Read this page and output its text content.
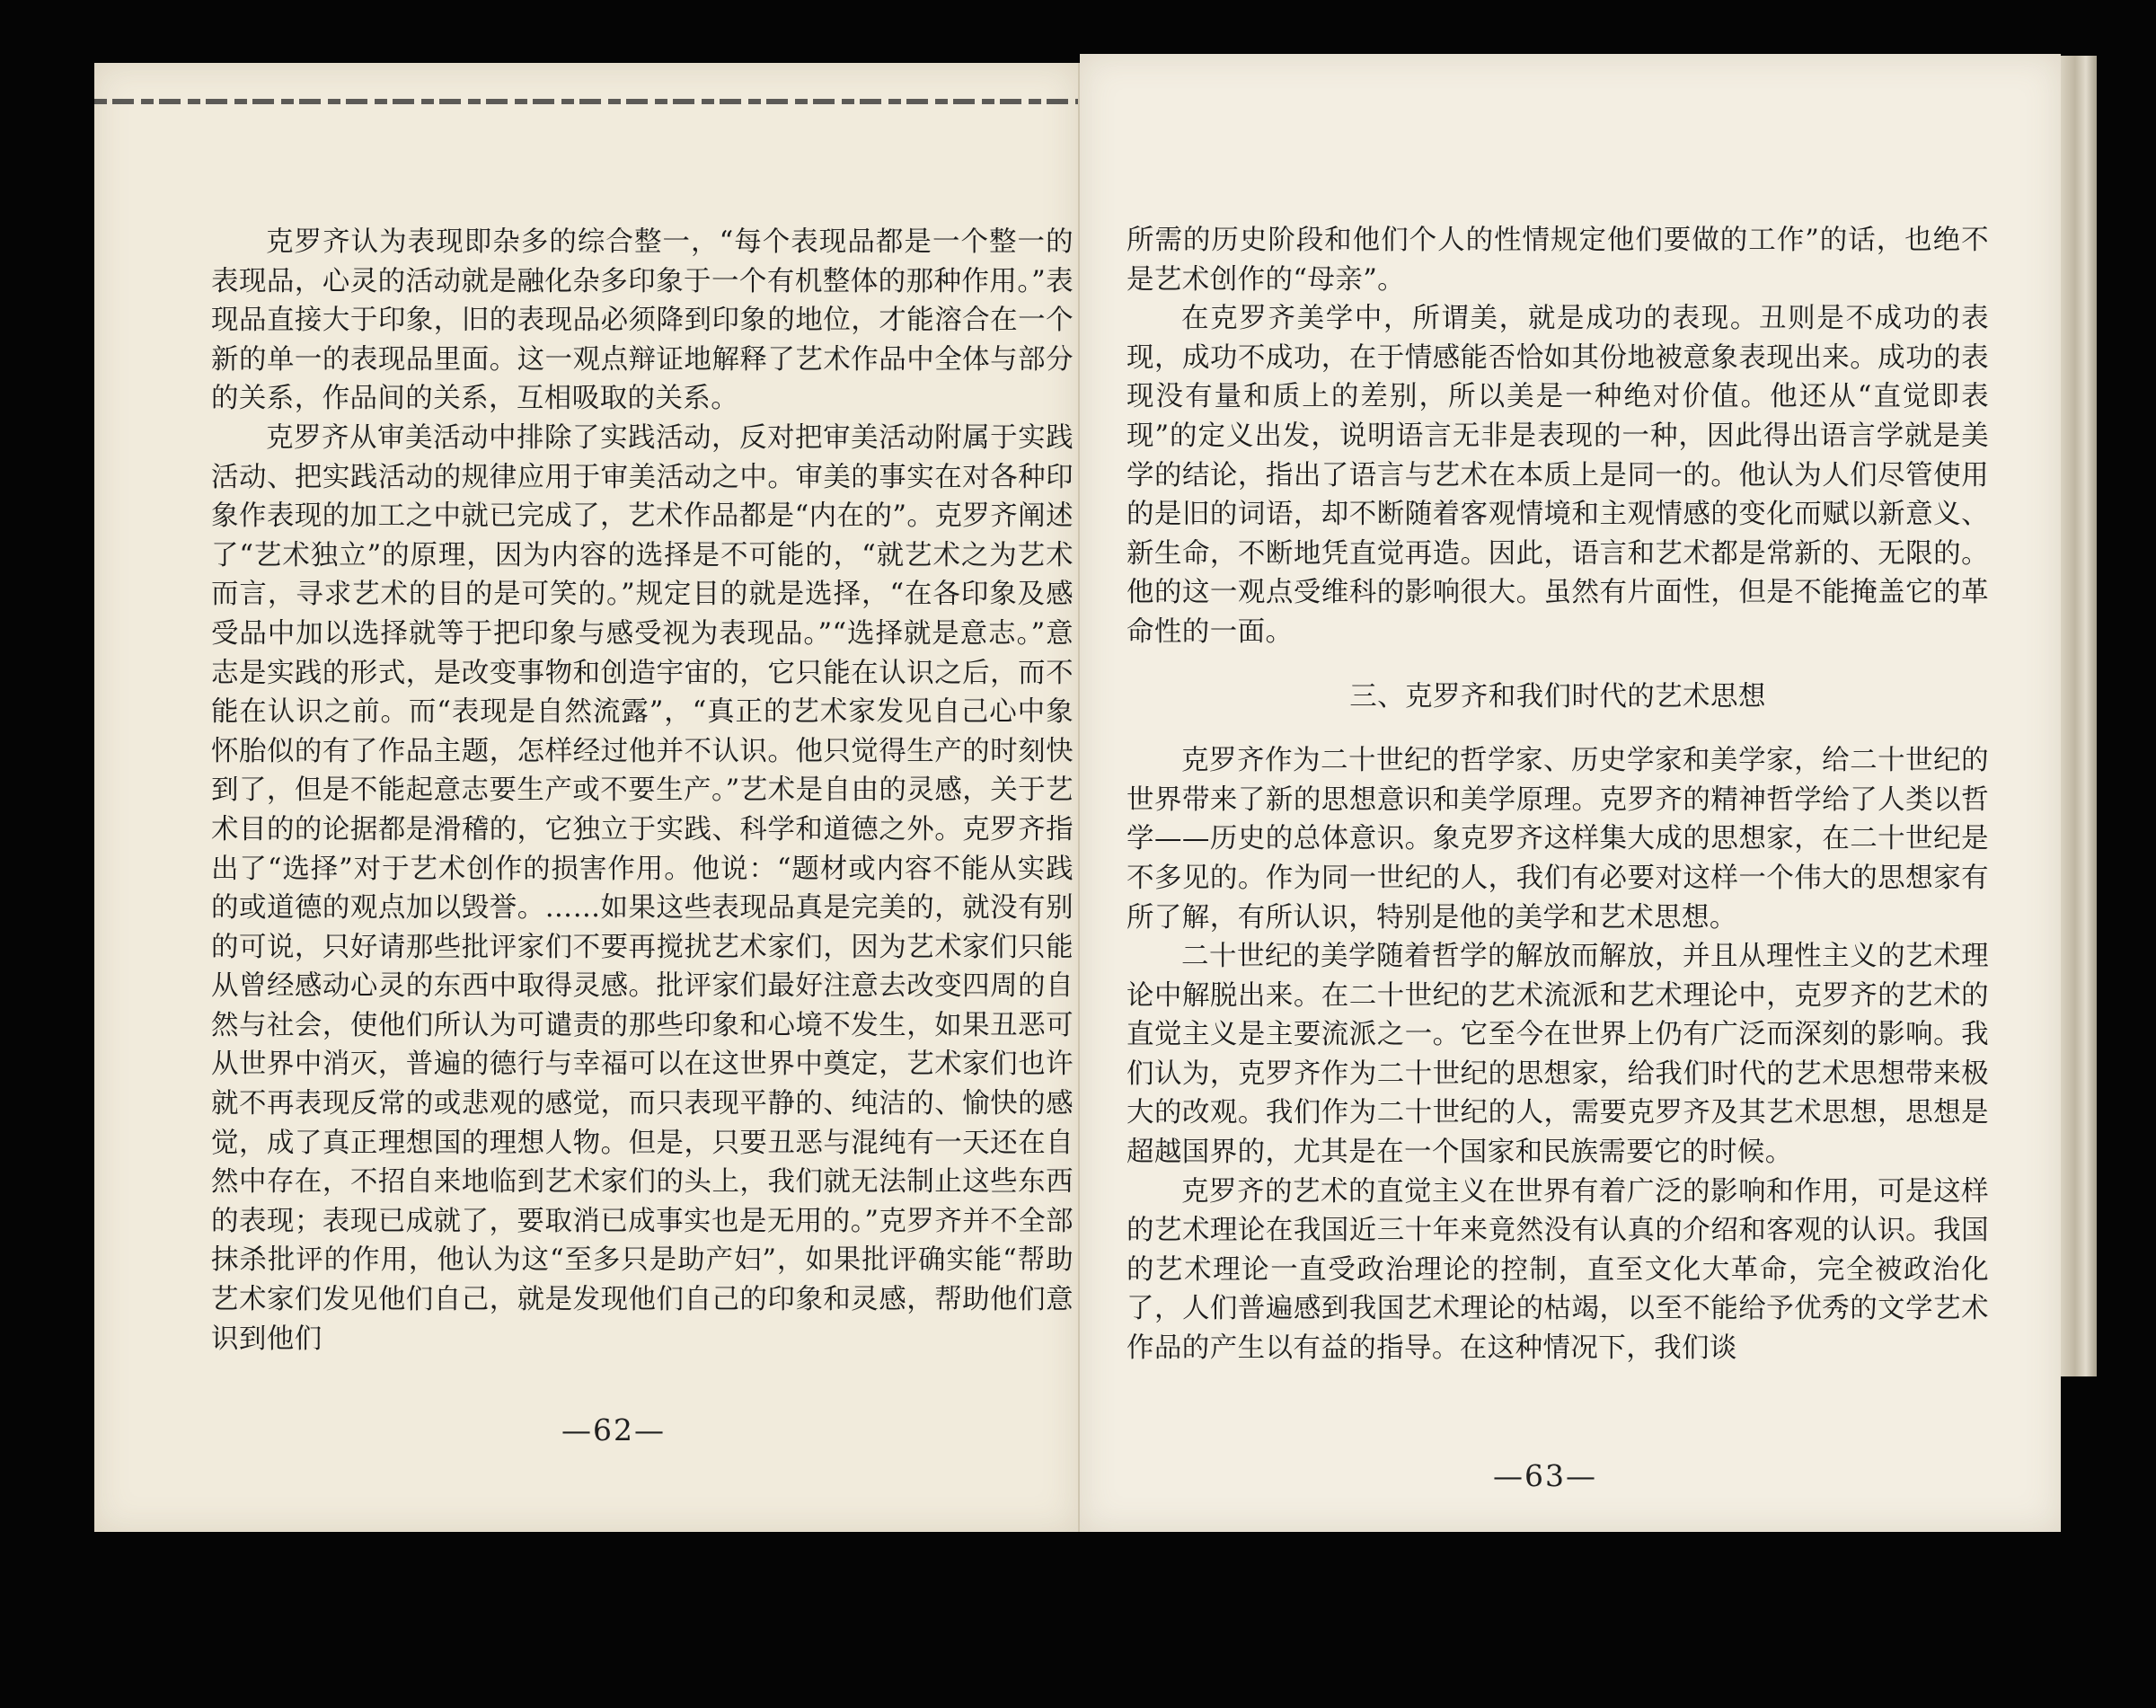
克罗齐认为表现即杂多的综合整一，“每个表现品都是一个整一的表现品，心灵的活动就是融化杂多印象于一个有机整体的那种作用。”表现品直接大于印象，旧的表现品必须降到印象的地位，才能溶合在一个新的单一的表现品里面。这一观点辩证地解释了艺术作品中全体与部分的关系，作品间的关系，互相吸取的关系。

克罗齐从审美活动中排除了实践活动，反对把审美活动附属于实践活动、把实践活动的规律应用于审美活动之中。审美的事实在对各种印象作表现的加工之中就已完成了，艺术作品都是“内在的”。克罗齐阐述了“艺术独立”的原理，因为内容的选择是不可能的，“就艺术之为艺术而言，寻求艺术的目的是可笑的。”规定目的就是选择，“在各印象及感受品中加以选择就等于把印象与感受视为表现品。”“选择就是意志。”意志是实践的形式，是改变事物和创造宇宙的，它只能在认识之后，而不能在认识之前。而“表现是自然流露”，“真正的艺术家发见自己心中象怀胎似的有了作品主题，怎样经过他并不认识。他只觉得生产的时刻快到了，但是不能起意志要生产或不要生产。”艺术是自由的灵感，关于艺术目的的论据都是滑稽的，它独立于实践、科学和道德之外。克罗齐指出了“选择”对于艺术创作的损害作用。他说：“题材或内容不能从实践的或道德的观点加以毁誉。……如果这些表现品真是完美的，就没有别的可说，只好请那些批评家们不要再搅扰艺术家们，因为艺术家们只能从曾经感动心灵的东西中取得灵感。批评家们最好注意去改变四周的自然与社会，使他们所认为可谴责的那些印象和心境不发生，如果丑恶可从世界中消灭，普遍的德行与幸福可以在这世界中奠定，艺术家们也许就不再表现反常的或悲观的感觉，而只表现平静的、纯洁的、愉快的感觉，成了真正理想国的理想人物。但是，只要丑恶与混纯有一天还在自然中存在，不招自来地临到艺术家们的头上，我们就无法制止这些东西的表现；表现已成就了，要取消已成事实也是无用的。”克罗齐并不全部抹杀批评的作用，他认为这“至多只是助产妇”，如果批评确实能“帮助艺术家们发见他们自己，就是发现他们自己的印象和灵感，帮助他们意识到他们

—62—

所需的历史阶段和他们个人的性情规定他们要做的工作”的话，也绝不是艺术创作的“母亲”。

在克罗齐美学中，所谓美，就是成功的表现。丑则是不成功的表现，成功不成功，在于情感能否恰如其份地被意象表现出来。成功的表现没有量和质上的差别，所以美是一种绝对价值。他还从“直觉即表现”的定义出发，说明语言无非是表现的一种，因此得出语言学就是美学的结论，指出了语言与艺术在本质上是同一的。他认为人们尽管使用的是旧的词语，却不断随着客观情境和主观情感的变化而赋以新意义、新生命，不断地凭直觉再造。因此，语言和艺术都是常新的、无限的。他的这一观点受维科的影响很大。虽然有片面性，但是不能掩盖它的革命性的一面。

三、克罗齐和我们时代的艺术思想

克罗齐作为二十世纪的哲学家、历史学家和美学家，给二十世纪的世界带来了新的思想意识和美学原理。克罗齐的精神哲学给了人类以哲学——历史的总体意识。象克罗齐这样集大成的思想家，在二十世纪是不多见的。作为同一世纪的人，我们有必要对这样一个伟大的思想家有所了解，有所认识，特别是他的美学和艺术思想。

二十世纪的美学随着哲学的解放而解放，并且从理性主义的艺术理论中解脱出来。在二十世纪的艺术流派和艺术理论中，克罗齐的艺术的直觉主义是主要流派之一。它至今在世界上仍有广泛而深刻的影响。我们认为，克罗齐作为二十世纪的思想家，给我们时代的艺术思想带来极大的改观。我们作为二十世纪的人，需要克罗齐及其艺术思想，思想是超越国界的，尤其是在一个国家和民族需要它的时候。

克罗齐的艺术的直觉主义在世界有着广泛的影响和作用，可是这样的艺术理论在我国近三十年来竟然没有认真的介绍和客观的认识。我国的艺术理论一直受政治理论的控制，直至文化大革命，完全被政治化了，人们普遍感到我国艺术理论的枯竭，以至不能给予优秀的文学艺术作品的产生以有益的指导。在这种情况下，我们谈

—63—
